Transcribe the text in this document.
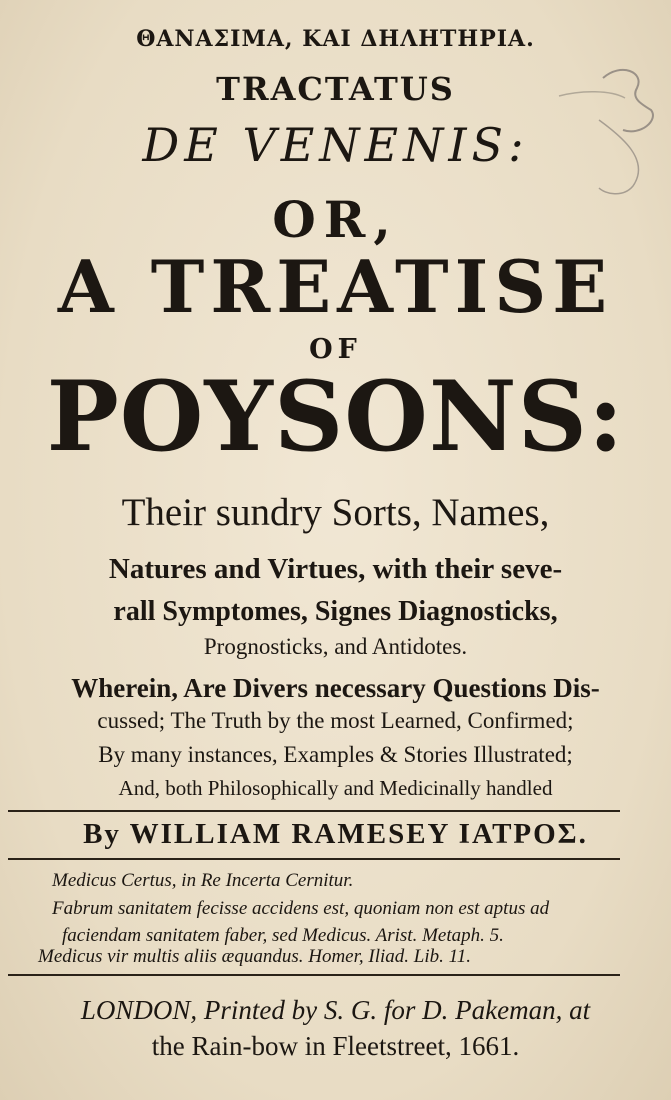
ΘΑΝΑΣΙΜΑ, ΚΑΙ ΔΗΛΗΤΗΡΙΑ.
TRACTATUS
DE VENENIS:
OR,
A TREATISE
OF
POYSONS:
Their sundry Sorts, Names,
Natures and Virtues, with their seve-
rall Symptomes, Signes Diagnosticks,
Prognosticks, and Antidotes.
Wherein, Are Divers necessary Questions Dis-
cussed; The Truth by the most Learned, Confirmed;
By many instances, Examples & Stories Illustrated;
And, both Philosophically and Medicinally handled
By WILLIAM RAMESEY ΙΑΤΡΟΣ.
Medicus Certus, in Re Incerta Cernitur.
Fabrum sanitatem fecisse accidens est, quoniam non est aptus ad
faciendam sanitatem faber, sed Medicus. Arist. Metaph. 5.
Medicus vir multis aliis æquandus. Homer, Iliad. Lib. 11.
LONDON, Printed by S. G. for D. Pakeman, at
the Rain-bow in Fleetstreet, 1661.
